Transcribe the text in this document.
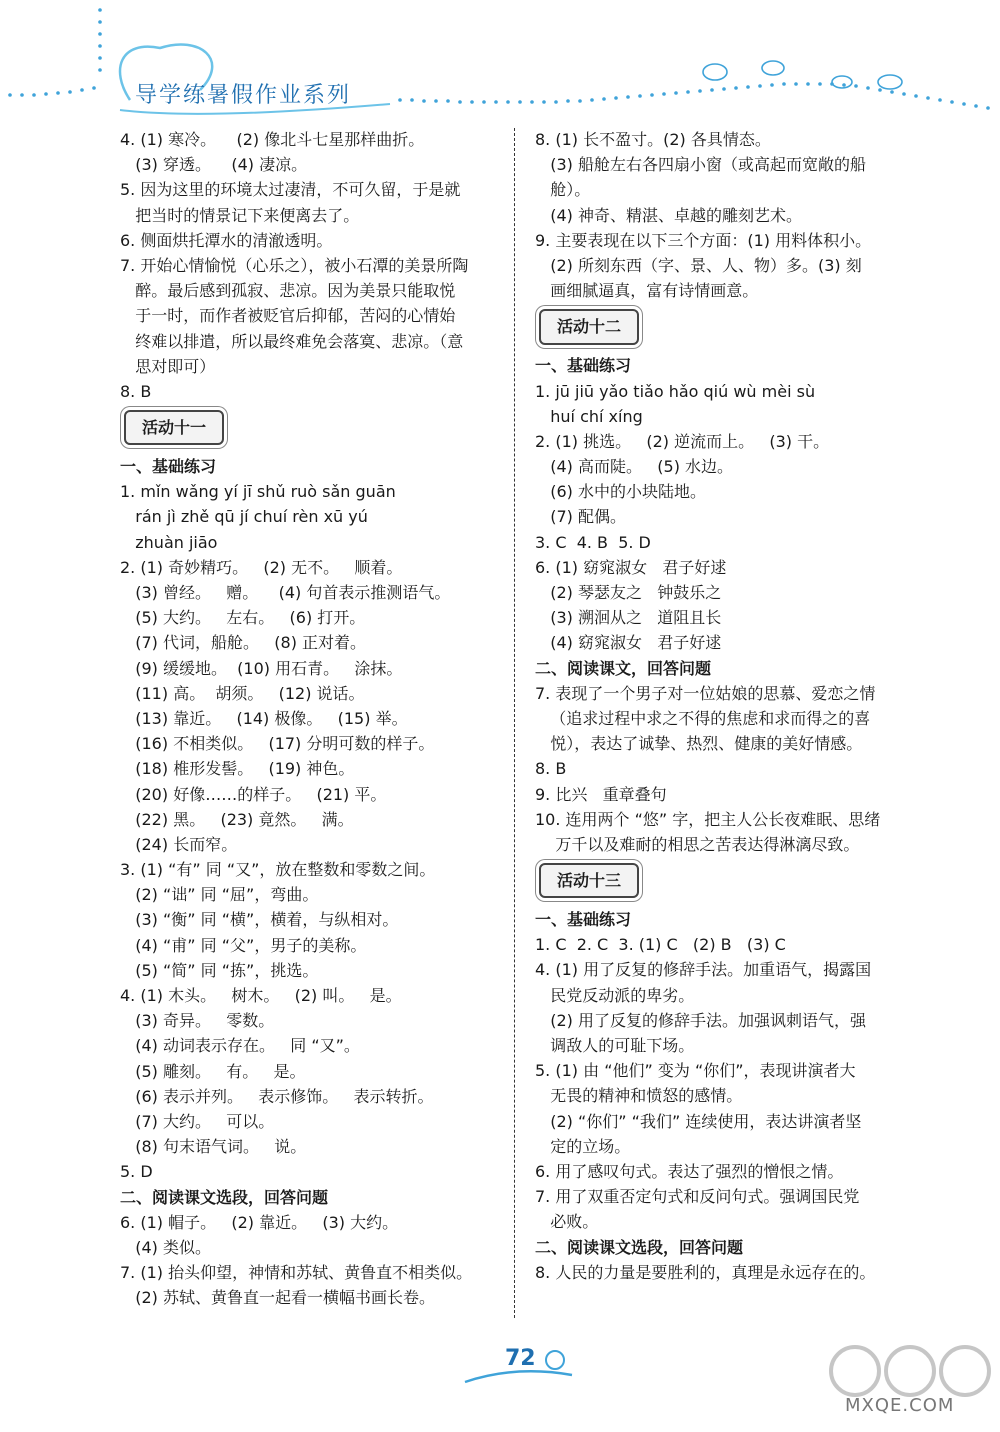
导学练暑假作业系列
4. (1) 寒冷。    (2) 像北斗七星那样曲折。
(3) 穿透。    (4) 凄凉。
5. 因为这里的环境太过凄清，不可久留，于是就
把当时的情景记下来便离去了。
6. 侧面烘托潭水的清澈透明。
7. 开始心情愉悦（心乐之），被小石潭的美景所陶
醉。最后感到孤寂、悲凉。因为美景只能取悦
于一时，而作者被贬官后抑郁，苦闷的心情始
终难以排遣，所以最终难免会落寞、悲凉。（意
思对即可）
8. B
活动十一
一、基础练习
1. mǐn wǎng yí jī shǔ ruò sǎn guān
rán jì zhě qū jí chuí rèn xū yú
zhuàn jiāo
2. (1) 奇妙精巧。   (2) 无不。   顺着。
(3) 曾经。   赠。    (4) 句首表示推测语气。
(5) 大约。   左右。   (6) 打开。
(7) 代词，船舱。   (8) 正对着。
(9) 缓缓地。  (10) 用石青。   涂抹。
(11) 高。  胡须。   (12) 说话。
(13) 靠近。   (14) 极像。   (15) 举。
(16) 不相类似。   (17) 分明可数的样子。
(18) 椎形发髻。   (19) 神色。
(20) 好像……的样子。   (21) 平。
(22) 黑。   (23) 竟然。   满。
(24) 长而窄。
3. (1) “有” 同 “又”，放在整数和零数之间。
(2) “诎” 同 “屈”，弯曲。
(3) “衡” 同 “横”，横着，与纵相对。
(4) “甫” 同 “父”，男子的美称。
(5) “简” 同 “拣”，挑选。
4. (1) 木头。   树木。   (2) 叫。   是。
(3) 奇异。   零数。
(4) 动词表示存在。   同 “又”。
(5) 雕刻。   有。   是。
(6) 表示并列。   表示修饰。   表示转折。
(7) 大约。   可以。
(8) 句末语气词。   说。
5. D
二、阅读课文选段，回答问题
6. (1) 帽子。   (2) 靠近。   (3) 大约。
(4) 类似。
7. (1) 抬头仰望，神情和苏轼、黄鲁直不相类似。
(2) 苏轼、黄鲁直一起看一横幅书画长卷。
8. (1) 长不盈寸。(2) 各具情态。
(3) 船舱左右各四扇小窗（或高起而宽敞的船
舱）。
(4) 神奇、精湛、卓越的雕刻艺术。
9. 主要表现在以下三个方面：(1) 用料体积小。
(2) 所刻东西（字、景、人、物）多。(3) 刻
画细腻逼真，富有诗情画意。
活动十二
一、基础练习
1. jū jiū yǎo tiǎo hǎo qiú wù mèi sù
huí chí xíng
2. (1) 挑选。   (2) 逆流而上。   (3) 干。
(4) 高而陡。   (5) 水边。
(6) 水中的小块陆地。
(7) 配偶。
3. C  4. B  5. D
6. (1) 窈窕淑女   君子好逑
(2) 琴瑟友之   钟鼓乐之
(3) 溯洄从之   道阻且长
(4) 窈窕淑女   君子好逑
二、阅读课文，回答问题
7. 表现了一个男子对一位姑娘的思慕、爱恋之情
（追求过程中求之不得的焦虑和求而得之的喜
悦），表达了诚挚、热烈、健康的美好情感。
8. B
9. 比兴   重章叠句
10. 连用两个 “悠” 字，把主人公长夜难眠、思绪
万千以及难耐的相思之苦表达得淋漓尽致。
活动十三
一、基础练习
1. C  2. C  3. (1) C   (2) B   (3) C
4. (1) 用了反复的修辞手法。加重语气，揭露国
民党反动派的卑劣。
(2) 用了反复的修辞手法。加强讽刺语气，强
调敌人的可耻下场。
5. (1) 由 “他们” 变为 “你们”，表现讲演者大
无畏的精神和愤怒的感情。
(2) “你们” “我们” 连续使用，表达讲演者坚
定的立场。
6. 用了感叹句式。表达了强烈的憎恨之情。
7. 用了双重否定句式和反问句式。强调国民党
必败。
二、阅读课文选段，回答问题
8. 人民的力量是要胜利的，真理是永远存在的。
72
MXQE.COM
